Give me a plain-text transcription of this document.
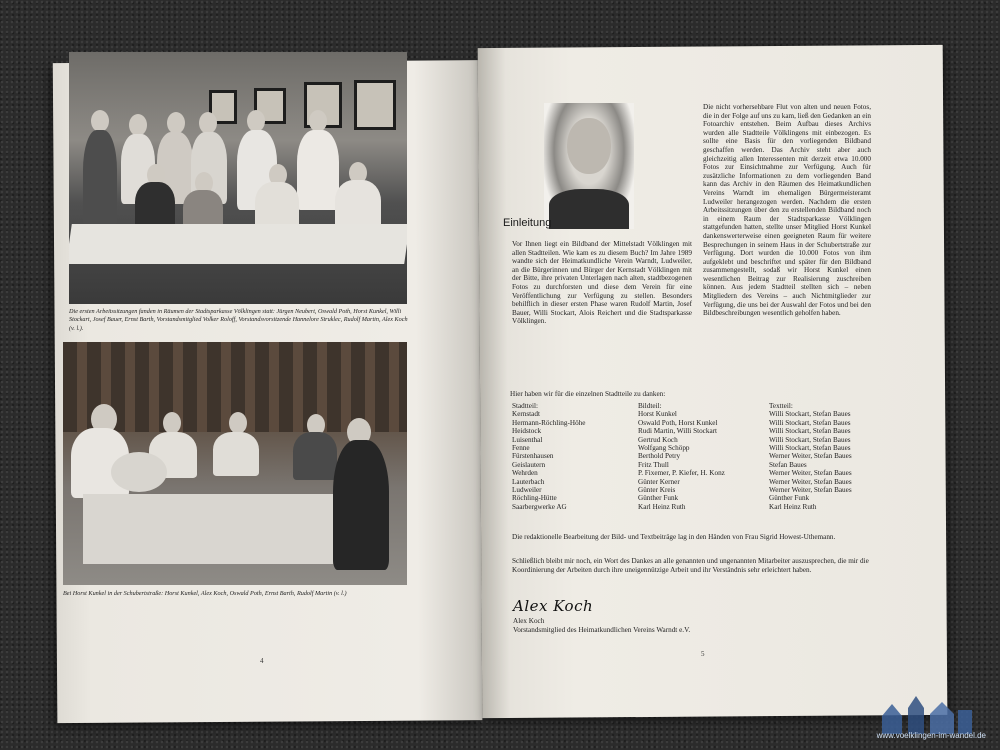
Die ersten Arbeitssitzungen fanden in Räumen der Stadtsparkasse Völklingen statt: Jürgen Neubert, Oswald Poth, Horst Kunkel, Willi Stockart, Josef Bauer, Ernst Barth, Vorstandsmitglied Volker Roloff, Vorstandsvorsitzende Hannelore Struklec, Rudolf Martin, Alex Koch (v. l.).

Bei Horst Kunkel in der Schubertstraße: Horst Kunkel, Alex Koch, Oswald Poth, Ernst Barth, Rudolf Martin (v. l.)

4

Die nicht vorhersehbare Flut von alten und neuen Fotos, die in der Folge auf uns zu kam, ließ den Gedanken an ein Fotoarchiv entstehen. Beim Aufbau dieses Archivs wurden alle Stadtteile Völklingens mit einbezogen. Es sollte eine Basis für den vorliegenden Bildband geschaffen werden. Das Archiv steht aber auch gleichzeitig allen Interessenten mit derzeit etwa 10.000 Fotos zur Einsichtnahme zur Verfügung. Auch für zusätzliche Informationen zu dem vorliegenden Band kann das Archiv in den Räumen des Heimatkundlichen Vereins Warndt im ehemaligen Bürgermeisteramt Ludweiler herangezogen werden. Nachdem die ersten Arbeitssitzungen über den zu erstellenden Bildband noch in einem Raum der Stadtsparkasse Völklingen stattgefunden hatten, stellte unser Mitglied Horst Kunkel dankenswerterweise einen geeigneten Raum für weitere Besprechungen in seinem Haus in der Schubertstraße zur Verfügung. Dort wurden die 10.000 Fotos von ihm aufgeklebt und beschriftet und später für den Bildband zusammengestellt, sodaß wir Horst Kunkel einen wesentlichen Beitrag zur Realisierung zuschreiben können. Aus jedem Stadtteil stellten sich – neben Mitgliedern des Vereins – auch Nichtmitglieder zur Verfügung, die uns bei der Auswahl der Fotos und bei den Bildbeschreibungen wesentlich geholfen haben.

Einleitung

Vor Ihnen liegt ein Bildband der Mittelstadt Völklingen mit allen Stadtteilen. Wie kam es zu diesem Buch? Im Jahre 1989 wandte sich der Heimatkundliche Verein Warndt, Ludweiler, an die Bürgerinnen und Bürger der Kernstadt Völklingen mit der Bitte, ihre privaten Unterlagen nach alten, stadtbezogenen Fotos zu durchforsten und diese dem Verein für eine Veröffentlichung zur Verfügung zu stellen. Besonders behilflich in dieser ersten Phase waren Rudolf Martin, Josef Bauer, Willi Stockart, Alois Reichert und die Stadtsparkasse Völklingen.

Hier haben wir für die einzelnen Stadtteile zu danken:

Stadtteil:
Kernstadt
Hermann-Röchling-Höhe
Heidstock
Luisenthal
Fenne
Fürstenhausen
Geislautern
Wehrden
Lauterbach
Ludweiler
Röchling-Hütte
Saarbergwerke AG
Bildteil:
Horst Kunkel
Oswald Poth, Horst Kunkel
Rudi Martin, Willi Stockart
Gertrud Koch
Wolfgang Schöpp
Berthold Petry
Fritz Thull
P. Fixemer, P. Kiefer, H. Konz
Günter Kerner
Günter Kreis
Günther Funk
Karl Heinz Ruth
Textteil:
Willi Stockart, Stefan Baues
Willi Stockart, Stefan Baues
Willi Stockart, Stefan Baues
Willi Stockart, Stefan Baues
Willi Stockart, Stefan Baues
Werner Weiter, Stefan Baues
Stefan Baues
Werner Weiter, Stefan Baues
Werner Weiter, Stefan Baues
Werner Weiter, Stefan Baues
Günther Funk
Karl Heinz Ruth

Die redaktionelle Bearbeitung der Bild- und Textbeiträge lag in den Händen von Frau Sigrid Howest-Uthemann.

Schließlich bleibt mir noch, ein Wort des Dankes an alle genannten und ungenannten Mitarbeiter auszusprechen, die mir die Koordinierung der Arbeiten durch ihre uneigennützige Arbeit und ihr Verständnis sehr erleichtert haben.

Alex Koch

Alex Koch

Vorstandsmitglied des Heimatkundlichen Vereins Warndt e.V.

5
www.voelklingen-im-wandel.de
